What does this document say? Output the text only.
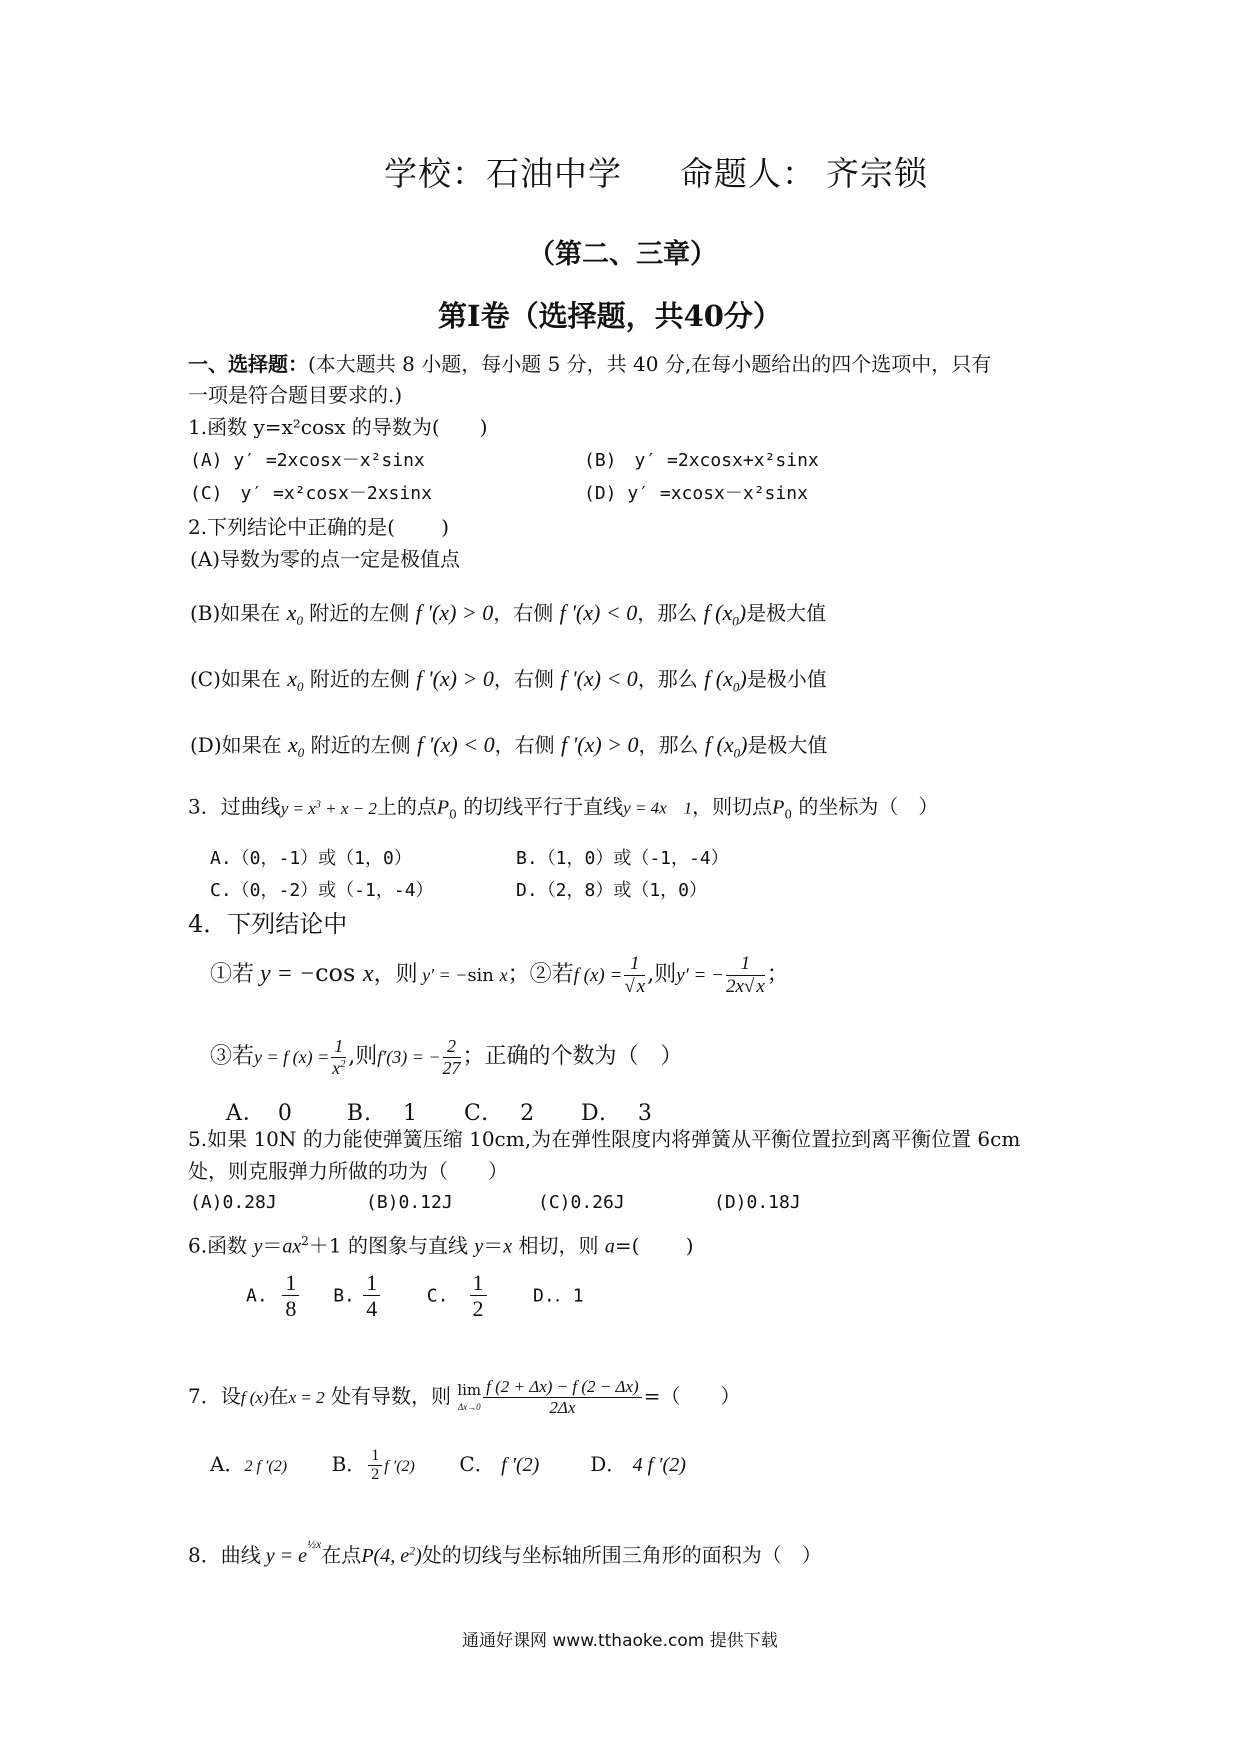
学校：石油中学 命题人： 齐宗锁
（第二、三章）
第Ⅰ卷（选择题，共40分）
一、选择题：(本大题共 8 小题，每小题 5 分，共 40 分,在每小题给出的四个选项中，只有
一项是符合题目要求的.)
1.函数 y=x²cosx 的导数为(　　)
(A) y′ =2xcosx－x²sinx	(B)　y′ =2xcosx+x²sinx
(C)　y′ =x²cosx－2xsinx	(D) y′ =xcosx－x²sinx
2.下列结论中正确的是(　　 )
(A)导数为零的点一定是极值点
(B)如果在 $x_0$ 附近的左侧 f '(x) > 0，右侧 f '(x) < 0，那么 f $(x_0)$是极大值
(C)如果在 $x_0$ 附近的左侧 f '(x) > 0，右侧 f '(x) < 0，那么 f $(x_0)$是极小值
(D)如果在 $x_0$ 附近的左侧 f '(x) < 0，右侧 f '(x) > 0，那么 f $(x_0)$是极大值
3．过曲线$y = x^3 + x - 2$上的点$P_0$ 的切线平行于直线y = 4x　1，则切点$P_0$ 的坐标为（　）
A.（0，-1）或（1，0）	B.（1，0）或（-1，-4）
C.（0，-2）或（-1，-4）	D.（2，8）或（1，0）
4．下列结论中
①若 y = −cos x，则 y′ = −sin x；②若f $(x) = \frac{1}{√ x}$ ,则y′ = − $\frac{1}{2x√ x}$ ；
③若y = f $(x) = \frac{1}{x^2}$ ,则f′(3) = − $\frac{2}{27}$ ；正确的个数为（　）
A．　0　　 B.　 1　　C.　 2　　D.　 3
5.如果 10N 的力能使弹簧压缩 10cm,为在弹性限度内将弹簧从平衡位置拉到离平衡位置 6cm
处，则克服弹力所做的功为（　　）
(A)0.28J	(B)0.12J	(C)0.26J	(D)0.18J
6.函数 $y=ax^2+1$ 的图象与直线 y＝x 相切，则 a=(　　 )
A. $\frac{1}{8} B$. $\frac{1}{4}$	C. $\frac{1}{2}$	D.．1
7．设f (x)在x = 2 处有导数，则 lim
$\Delta x\to 0 \frac{f (2 + \Delta x) - f (2 - \Delta x)}{2\Delta x}$ =（　　）
A．2 f ′(2) B． $\frac{1}{2}$ f ′(2) C． f ′(2)	D． 4 f ′(2)
8．曲线 $y = e^{\frac{1}{2}x}$在点P(4, $e^2$)处的切线与坐标轴所围三角形的面积为（　）
通通好课网 www.tthaoke.com 提供下载
